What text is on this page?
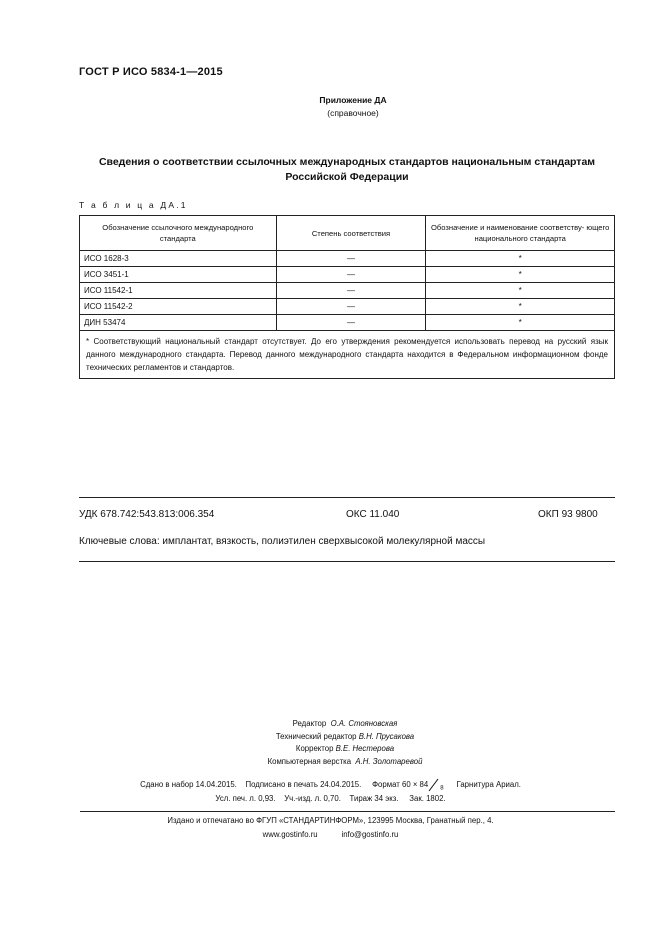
ГОСТ Р ИСО 5834-1—2015
Приложение ДА
(справочное)
Сведения о соответствии ссылочных международных стандартов национальным стандартам Российской Федерации
Т а б л и ц а ДА.1
Обозначение ссылочного международного стандарта	Степень соответствия	Обозначение и наименование соответству- ющего национального стандарта
ИСО 1628-3	—	*
ИСО 3451-1	—	*
ИСО 11542-1	—	*
ИСО 11542-2	—	*
ДИН 53474	—	*
* Соответствующий национальный стандарт отсутствует. До его утверждения рекомендуется использовать перевод на русский язык данного международного стандарта. Перевод данного международного стандарта находится в Федеральном информационном фонде технических регламентов и стандартов.		
УДК 678.742:543.813:006.354	ОКС 11.040	ОКП 93 9800
Ключевые слова: имплантат, вязкость, полиэтилен сверхвысокой молекулярной массы
Редактор О.А. Стояновская
Технический редактор В.Н. Прусакова
Корректор В.Е. Нестерова
Компьютерная верстка А.Н. Золотаревой
Сдано в набор 14.04.2015. Подписано в печать 24.04.2015. Формат 60 × 84 $_8$ Гарнитура Ариал.
Усл. печ. л. 0,93. Уч.-изд. л. 0,70. Тираж 34 экз. Зак. 1802.
Издано и отпечатано во ФГУП «СТАНДАРТИНФОРМ», 123995 Москва, Гранатный пер., 4.
www.gostinfo.ru	info@gostinfo.ru
